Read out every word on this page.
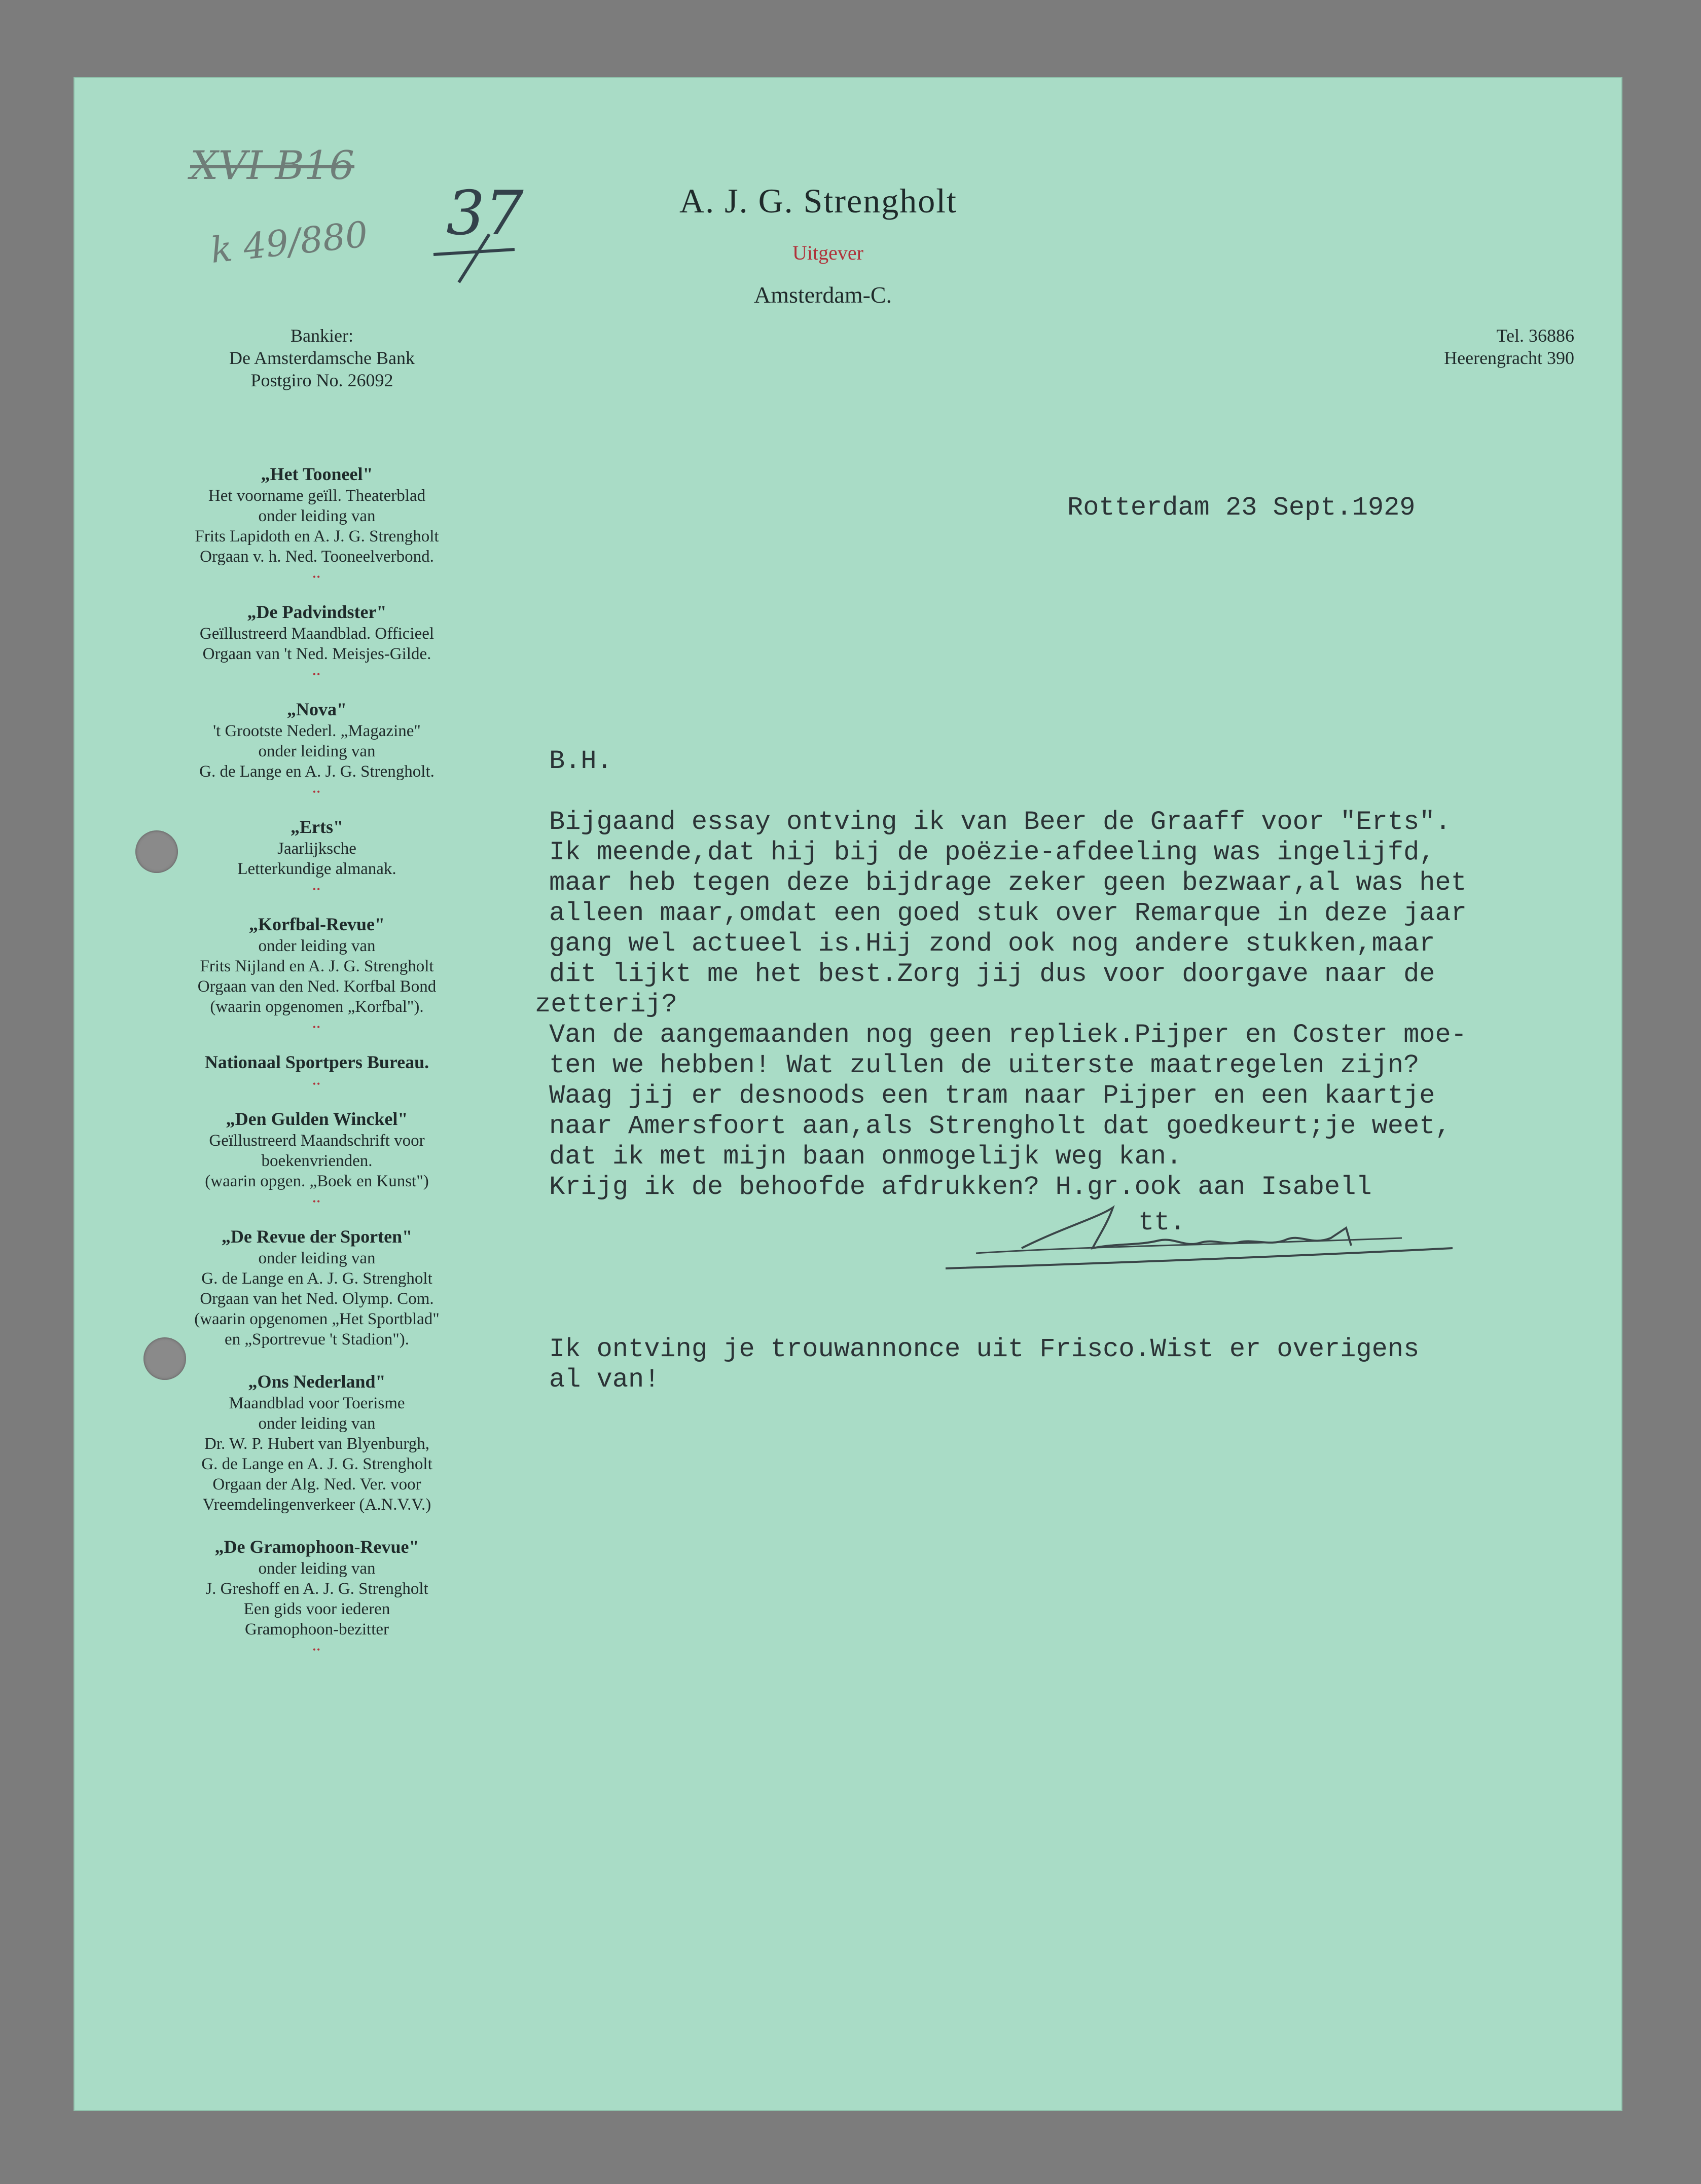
XVI B16
k 49/880 37	A. J. G. Strengholt
Uitgever
Amsterdam-C.
Bankier:
De Amsterdamsche Bank
Postgiro No. 26092
Tel. 36886
Heerengracht 390
„Het Tooneel"
Het voorname geïll. Theaterblad
onder leiding van
Frits Lapidoth en A. J. G. Strengholt
Orgaan v. h. Ned. Tooneelverbond.
••
„De Padvindster"
Geïllustreerd Maandblad. Officieel
Orgaan van 't Ned. Meisjes-Gilde.
••
„Nova"
't Grootste Nederl. „Magazine"
onder leiding van
G. de Lange en A. J. G. Strengholt.
••
„Erts"
Jaarlijksche
Letterkundige almanak.
••
„Korfbal-Revue"
onder leiding van
Frits Nijland en A. J. G. Strengholt
Orgaan van den Ned. Korfbal Bond
(waarin opgenomen „Korfbal").
••
Nationaal Sportpers Bureau.
••
„Den Gulden Winckel"
Geïllustreerd Maandschrift voor
boekenvrienden.
(waarin opgen. „Boek en Kunst")
••
„De Revue der Sporten"
onder leiding van
G. de Lange en A. J. G. Strengholt
Orgaan van het Ned. Olymp. Com.
(waarin opgenomen „Het Sportblad"
en „Sportrevue 't Stadion").
„Ons Nederland"
Maandblad voor Toerisme
onder leiding van
Dr. W. P. Hubert van Blyenburgh,
G. de Lange en A. J. G. Strengholt
Orgaan der Alg. Ned. Ver. voor
Vreemdelingenverkeer (A.N.V.V.)
„De Gramophoon-Revue"
onder leiding van
J. Greshoff en A. J. G. Strengholt
Een gids voor iederen
Gramophoon-bezitter
••
Rotterdam 23 Sept.1929
B.H.
Bijgaand essay ontving ik van Beer de Graaff voor "Erts".
Ik meende,dat hij bij de poëzie-afdeeling was ingelijfd,
maar heb tegen deze bijdrage zeker geen bezwaar,al was het
alleen maar,omdat een goed stuk over Remarque in deze jaar
gang wel actueel is.Hij zond ook nog andere stukken,maar
dit lijkt me het best.Zorg jij dus voor doorgave naar de
zetterij?
Van de aangemaanden nog geen repliek.Pijper en Coster moe-
ten we hebben! Wat zullen de uiterste maatregelen zijn?
Waag jij er desnoods een tram naar Pijper en een kaartje
naar Amersfoort aan,als Strengholt dat goedkeurt;je weet,
dat ik met mijn baan onmogelijk weg kan.
Krijg ik de behoofde afdrukken? H.gr.ook aan Isabell
tt.
Ik ontving je trouwannonce uit Frisco.Wist er overigens
al van!
